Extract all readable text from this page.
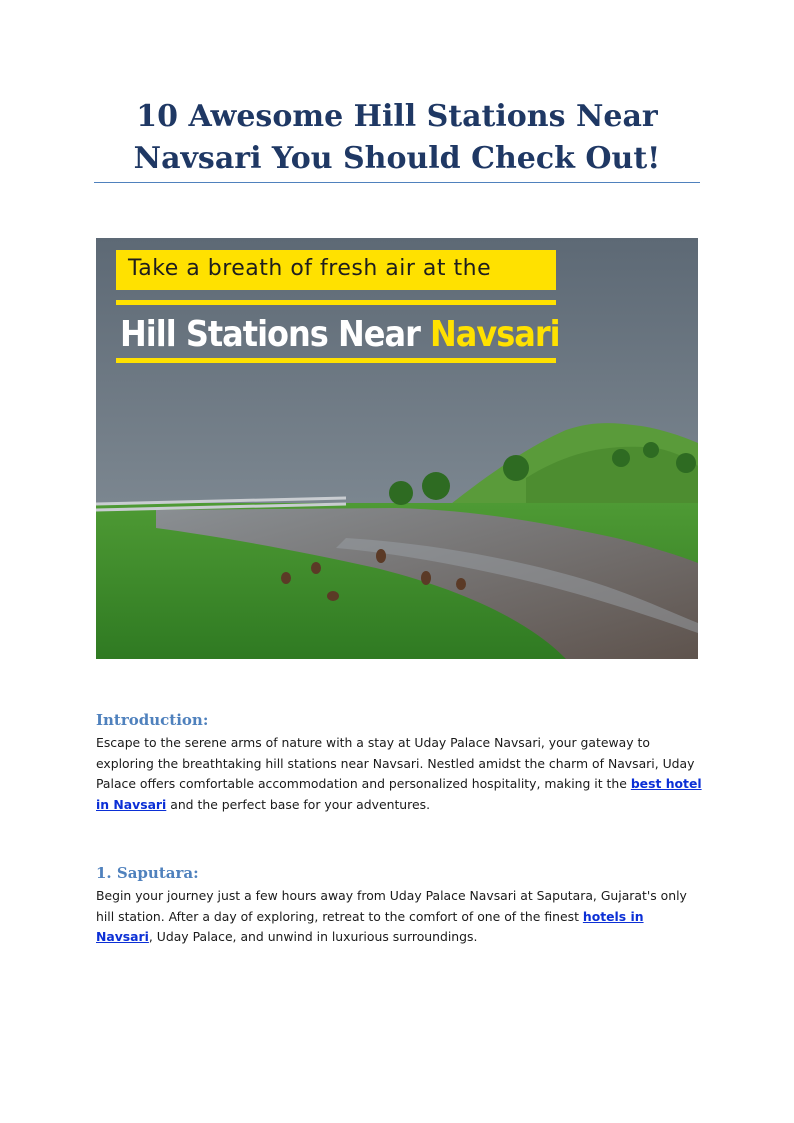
10 Awesome Hill Stations Near
Navsari You Should Check Out!
Take a breath of fresh air at the
Hill Stations Near Navsari
Introduction:

Escape to the serene arms of nature with a stay at Uday Palace Navsari, your gateway to exploring the breathtaking hill stations near Navsari. Nestled amidst the charm of Navsari, Uday Palace offers comfortable accommodation and personalized hospitality, making it the best hotel in Navsari and the perfect base for your adventures.

1. Saputara:

Begin your journey just a few hours away from Uday Palace Navsari at Saputara, Gujarat's only hill station. After a day of exploring, retreat to the comfort of one of the finest hotels in Navsari, Uday Palace, and unwind in luxurious surroundings.
